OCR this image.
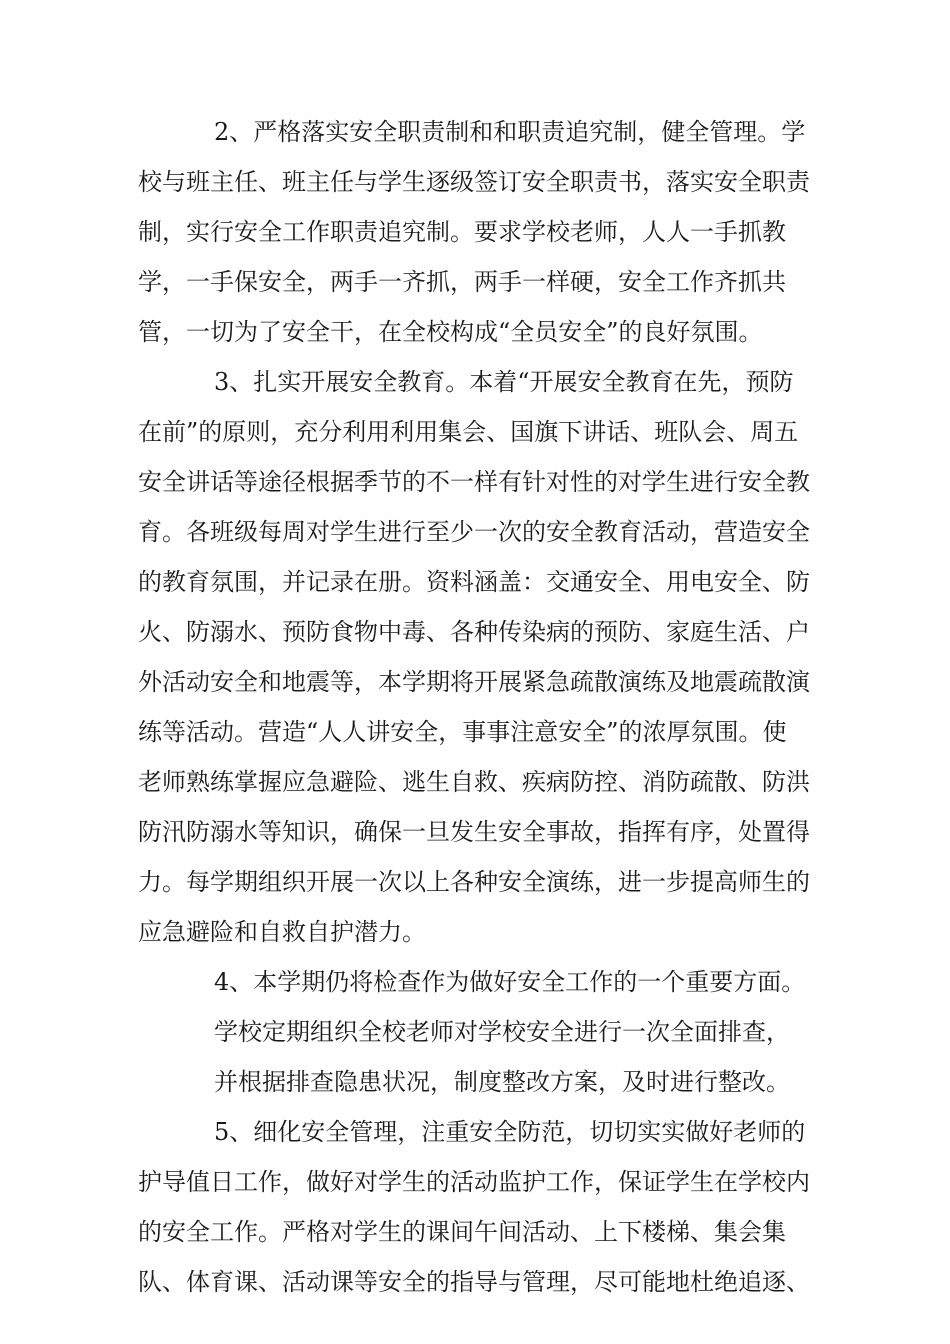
2、严格落实安全职责制和和职责追究制，健全管理。学
校与班主任、班主任与学生逐级签订安全职责书，落实安全职责
制，实行安全工作职责追究制。要求学校老师，人人一手抓教
学，一手保安全，两手一齐抓，两手一样硬，安全工作齐抓共
管，一切为了安全干，在全校构成“全员安全”的良好氛围。
3、扎实开展安全教育。本着“开展安全教育在先，预防
在前”的原则，充分利用利用集会、国旗下讲话、班队会、周五
安全讲话等途径根据季节的不一样有针对性的对学生进行安全教
育。各班级每周对学生进行至少一次的安全教育活动，营造安全
的教育氛围，并记录在册。资料涵盖：交通安全、用电安全、防
火、防溺水、预防食物中毒、各种传染病的预防、家庭生活、户
外活动安全和地震等，本学期将开展紧急疏散演练及地震疏散演
练等活动。营造“人人讲安全，事事注意安全”的浓厚氛围。使
老师熟练掌握应急避险、逃生自救、疾病防控、消防疏散、防洪
防汛防溺水等知识，确保一旦发生安全事故，指挥有序，处置得
力。每学期组织开展一次以上各种安全演练，进一步提高师生的
应急避险和自救自护潜力。
4、本学期仍将检查作为做好安全工作的一个重要方面。
学校定期组织全校老师对学校安全进行一次全面排查，
并根据排查隐患状况，制度整改方案，及时进行整改。
5、细化安全管理，注重安全防范，切切实实做好老师的
护导值日工作，做好对学生的活动监护工作，保证学生在学校内
的安全工作。严格对学生的课间午间活动、上下楼梯、集会集
队、体育课、活动课等安全的指导与管理，尽可能地杜绝追逐、
